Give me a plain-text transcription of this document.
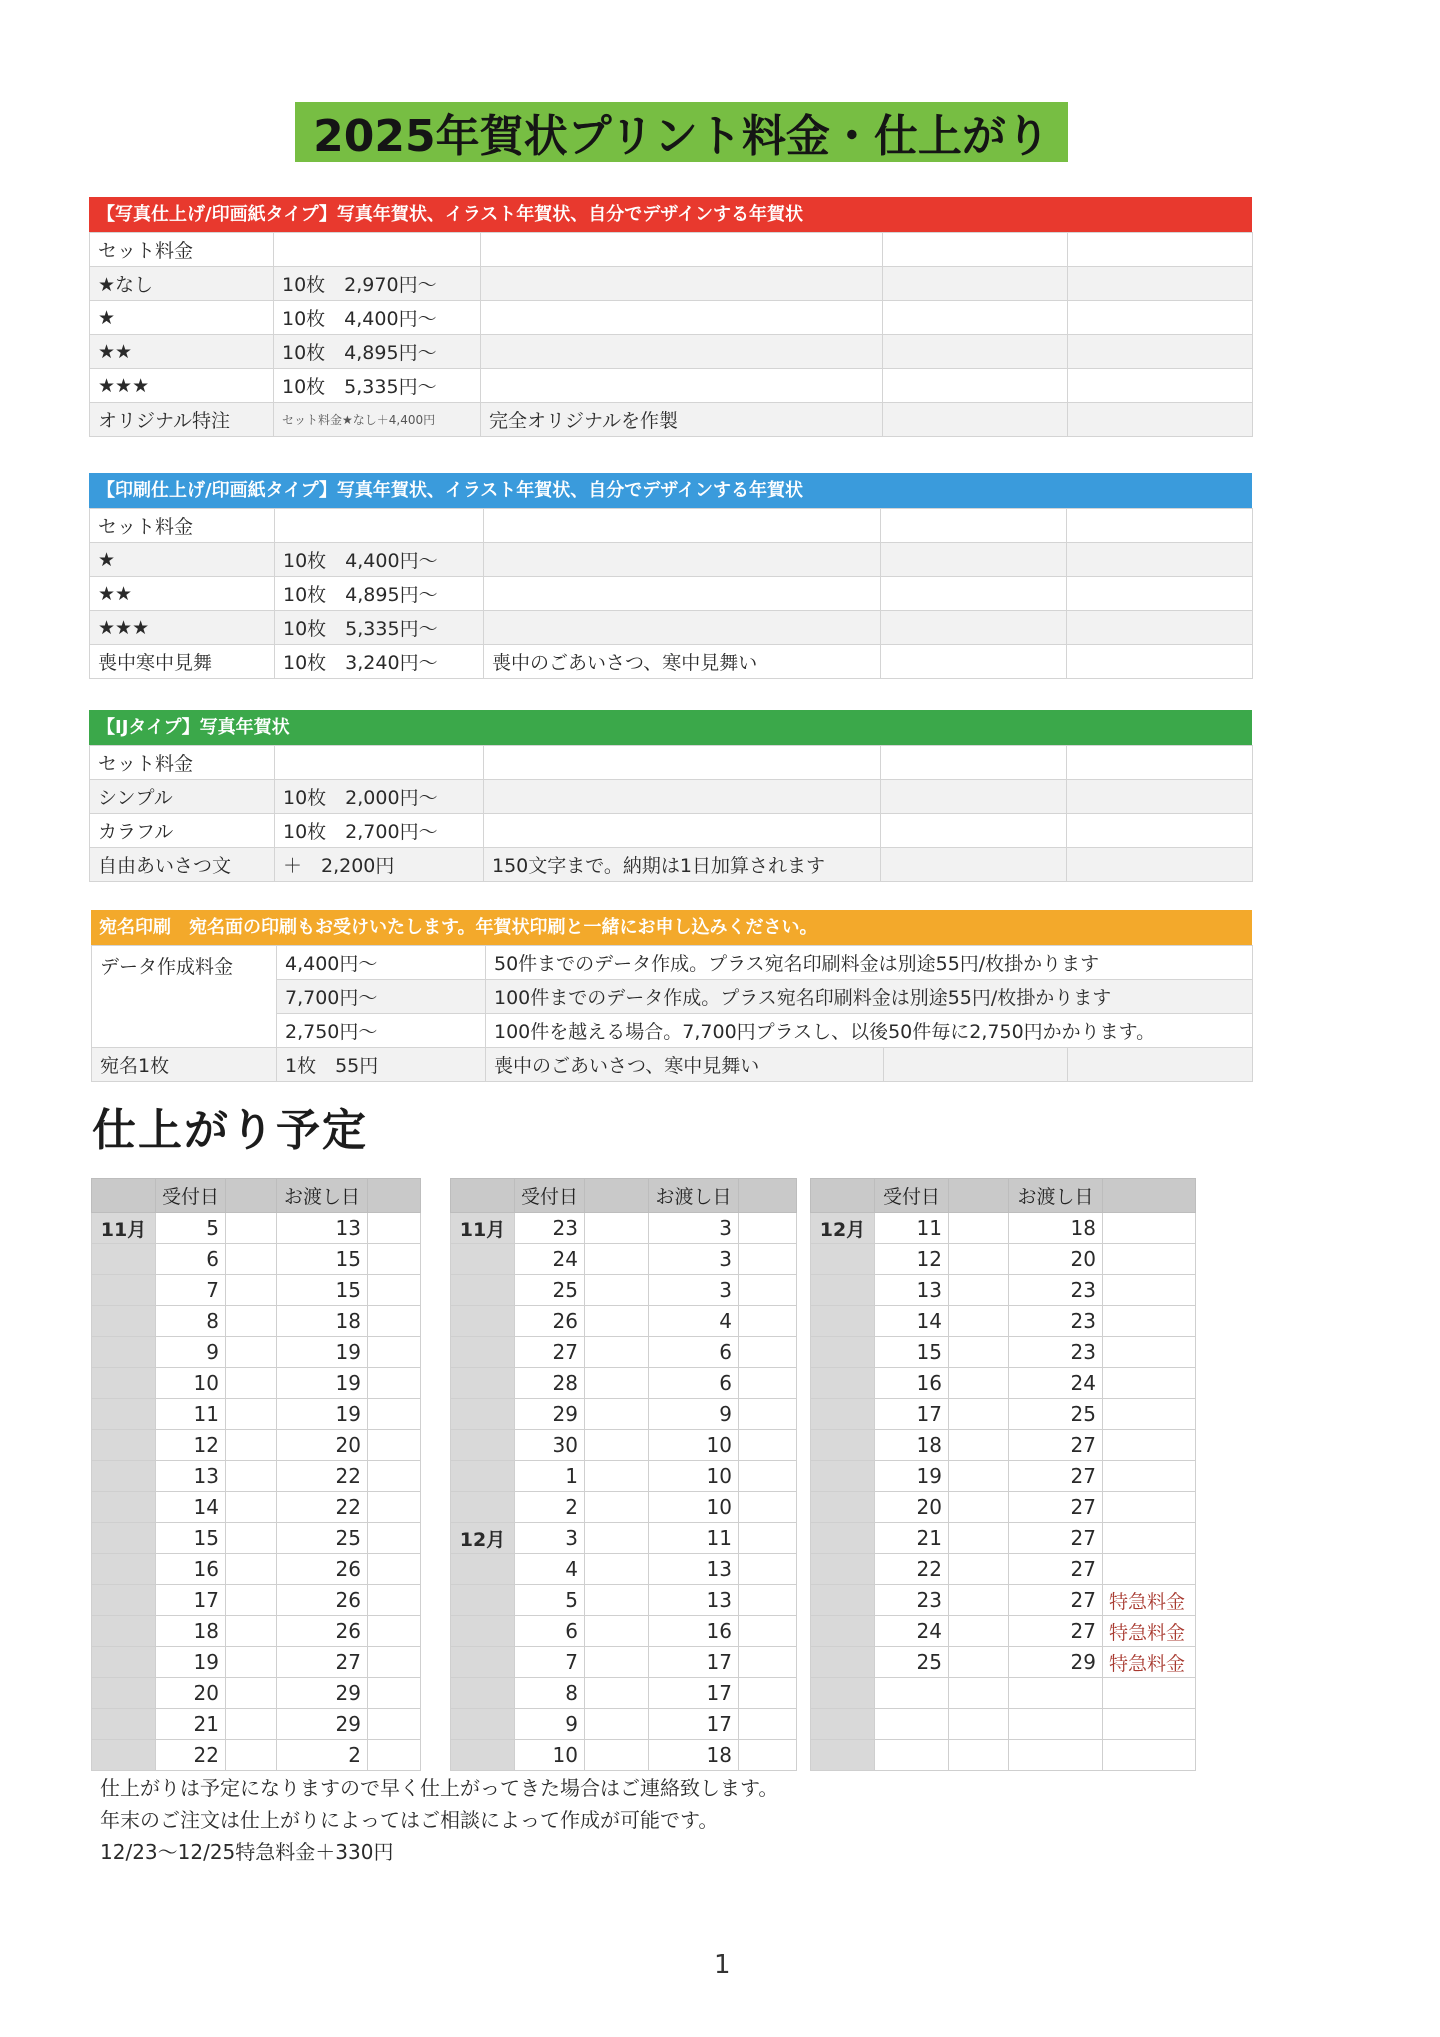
2025年賀状プリント料金・仕上がり
【写真仕上げ/印画紙タイプ】写真年賀状、イラスト年賀状、自分でデザインする年賀状
セット料金				
★なし	10枚　2,970円〜			
★	10枚　4,400円〜			
★★	10枚　4,895円〜			
★★★	10枚　5,335円〜			
オリジナル特注	セット料金★なし＋4,400円	完全オリジナルを作製		
【印刷仕上げ/印画紙タイプ】写真年賀状、イラスト年賀状、自分でデザインする年賀状
セット料金				
★	10枚　4,400円〜			
★★	10枚　4,895円〜			
★★★	10枚　5,335円〜			
喪中寒中見舞	10枚　3,240円〜	喪中のごあいさつ、寒中見舞い		
【IJタイプ】写真年賀状
セット料金				
シンプル	10枚　2,000円〜			
カラフル	10枚　2,700円〜			
自由あいさつ文	＋　2,200円	150文字まで。納期は1日加算されます		
宛名印刷　宛名面の印刷もお受けいたします。年賀状印刷と一緒にお申し込みください。
データ作成料金	4,400円〜	50件までのデータ作成。プラス宛名印刷料金は別途55円/枚掛かります		
	7,700円〜	100件までのデータ作成。プラス宛名印刷料金は別途55円/枚掛かります		
	2,750円〜	100件を越える場合。7,700円プラスし、以後50件毎に2,750円かかります。		
宛名1枚	1枚　55円	喪中のごあいさつ、寒中見舞い		
仕上がり予定
	受付日		お渡し日	
11月	5		13	
	6		15	
	7		15	
	8		18	
	9		19	
	10		19	
	11		19	
	12		20	
	13		22	
	14		22	
	15		25	
	16		26	
	17		26	
	18		26	
	19		27	
	20		29	
	21		29	
	22		2	
	受付日		お渡し日	
11月	23		3	
	24		3	
	25		3	
	26		4	
	27		6	
	28		6	
	29		9	
	30		10	
	1		10	
	2		10	
12月	3		11	
	4		13	
	5		13	
	6		16	
	7		17	
	8		17	
	9		17	
	10		18	
	受付日		お渡し日	
12月	11		18	
	12		20	
	13		23	
	14		23	
	15		23	
	16		24	
	17		25	
	18		27	
	19		27	
	20		27	
	21		27	
	22		27	
	23		27	特急料金
	24		27	特急料金
	25		29	特急料金

仕上がりは予定になりますので早く仕上がってきた場合はご連絡致します。
年末のご注文は仕上がりによってはご相談によって作成が可能です。
12/23〜12/25特急料金＋330円
1
